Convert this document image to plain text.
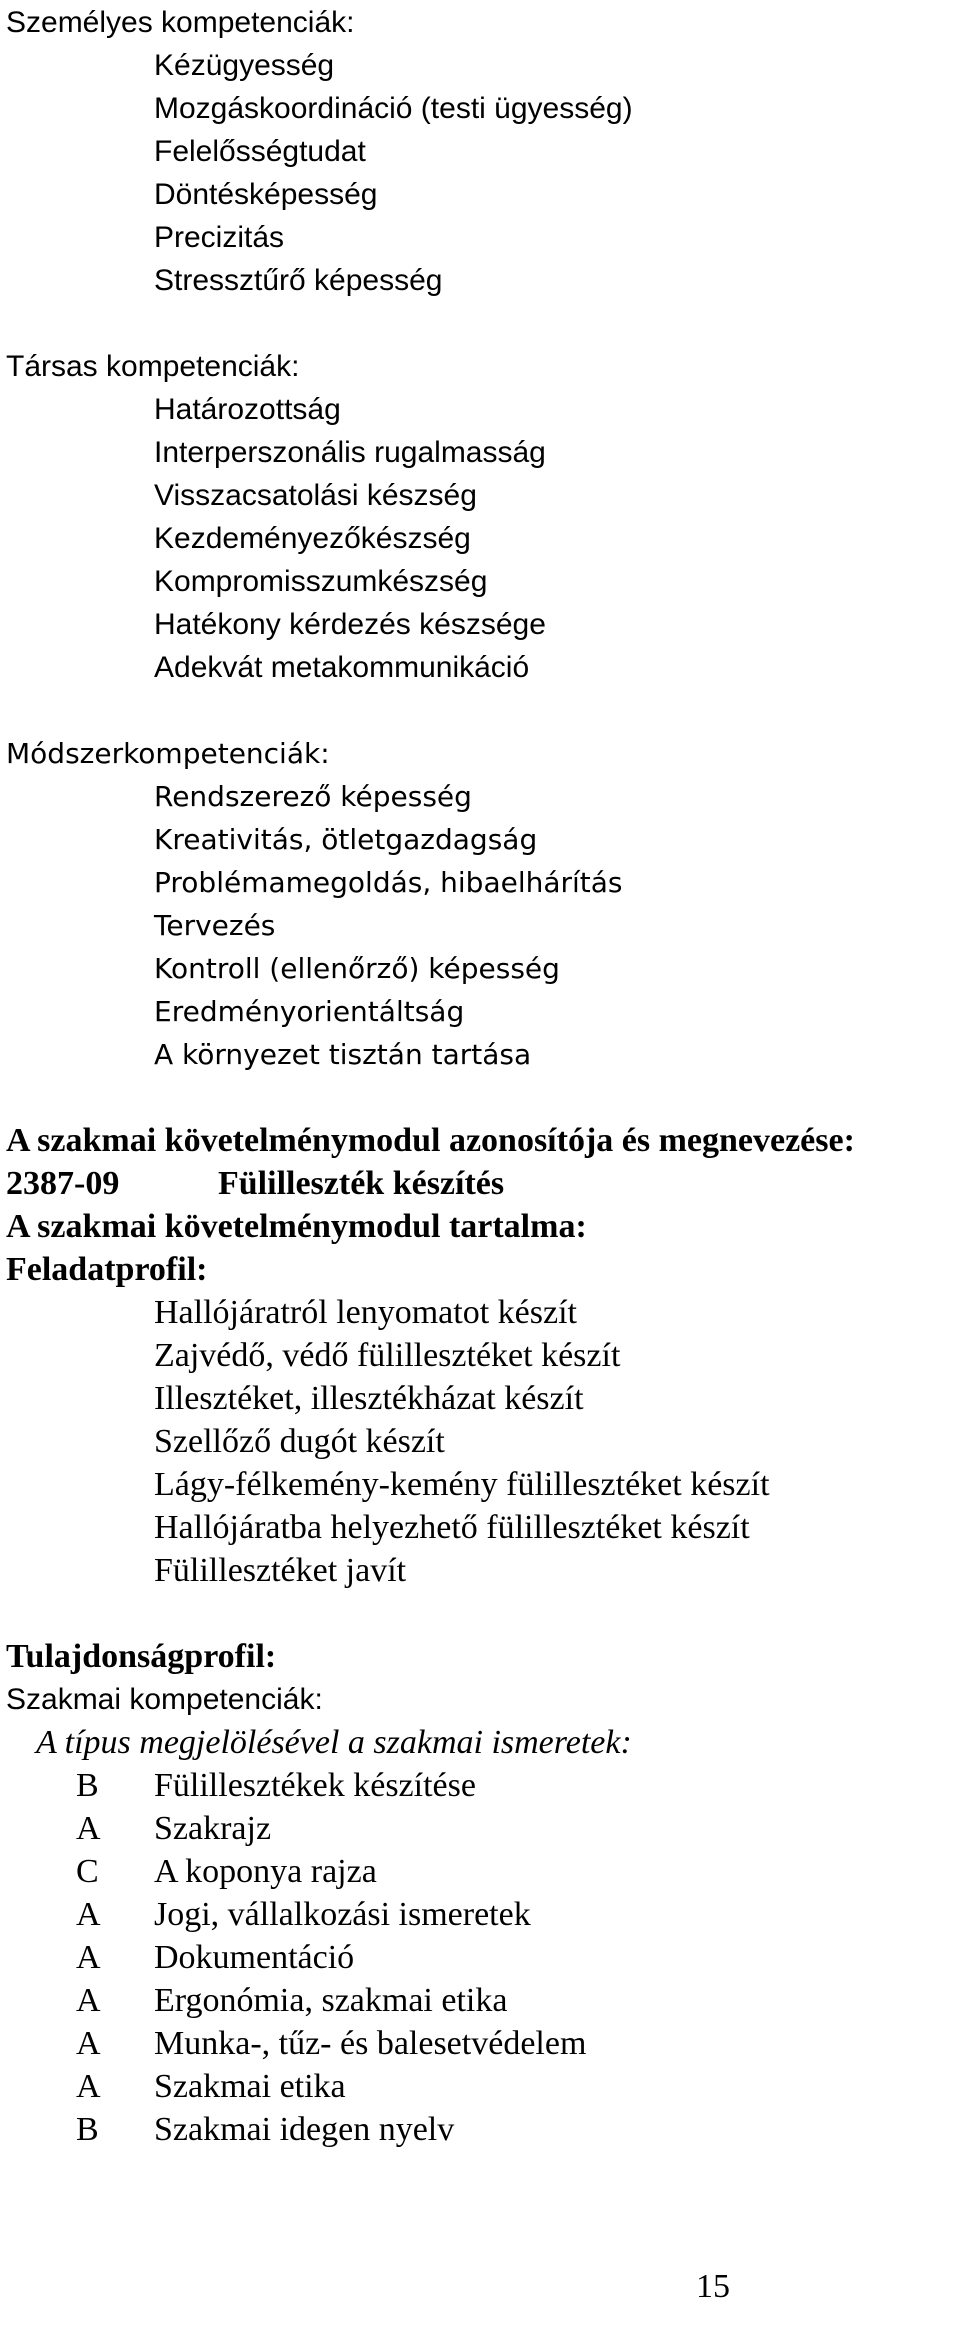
Személyes kompetenciák:
Kézügyesség
Mozgáskoordináció (testi ügyesség)
Felelősségtudat
Döntésképesség
Precizitás
Stressztűrő képesség
Társas kompetenciák:
Határozottság
Interperszonális rugalmasság
Visszacsatolási készség
Kezdeményezőkészség
Kompromisszumkészség
Hatékony kérdezés készsége
Adekvát metakommunikáció
Módszerkompetenciák:
Rendszerező képesség
Kreativitás, ötletgazdagság
Problémamegoldás, hibaelhárítás
Tervezés
Kontroll (ellenőrző) képesség
Eredményorientáltság
A környezet tisztán tartása
A szakmai követelménymodul azonosítója és megnevezése:
2387-09	Fülilleszték készítés
A szakmai követelménymodul tartalma:
Feladatprofil:
Hallójáratról lenyomatot készít
Zajvédő, védő fülillesztéket készít
Illesztéket, illesztékházat készít
Szellőző dugót készít
Lágy-félkemény-kemény fülillesztéket készít
Hallójáratba helyezhető fülillesztéket készít
Fülillesztéket javít
Tulajdonságprofil:
Szakmai kompetenciák:
A típus megjelölésével a szakmai ismeretek:
B Fülillesztékek készítése
A Szakrajz
C A koponya rajza
A Jogi, vállalkozási ismeretek
A Dokumentáció
A Ergonómia, szakmai etika
A Munka-, tűz- és balesetvédelem
A Szakmai etika
B Szakmai idegen nyelv
15
